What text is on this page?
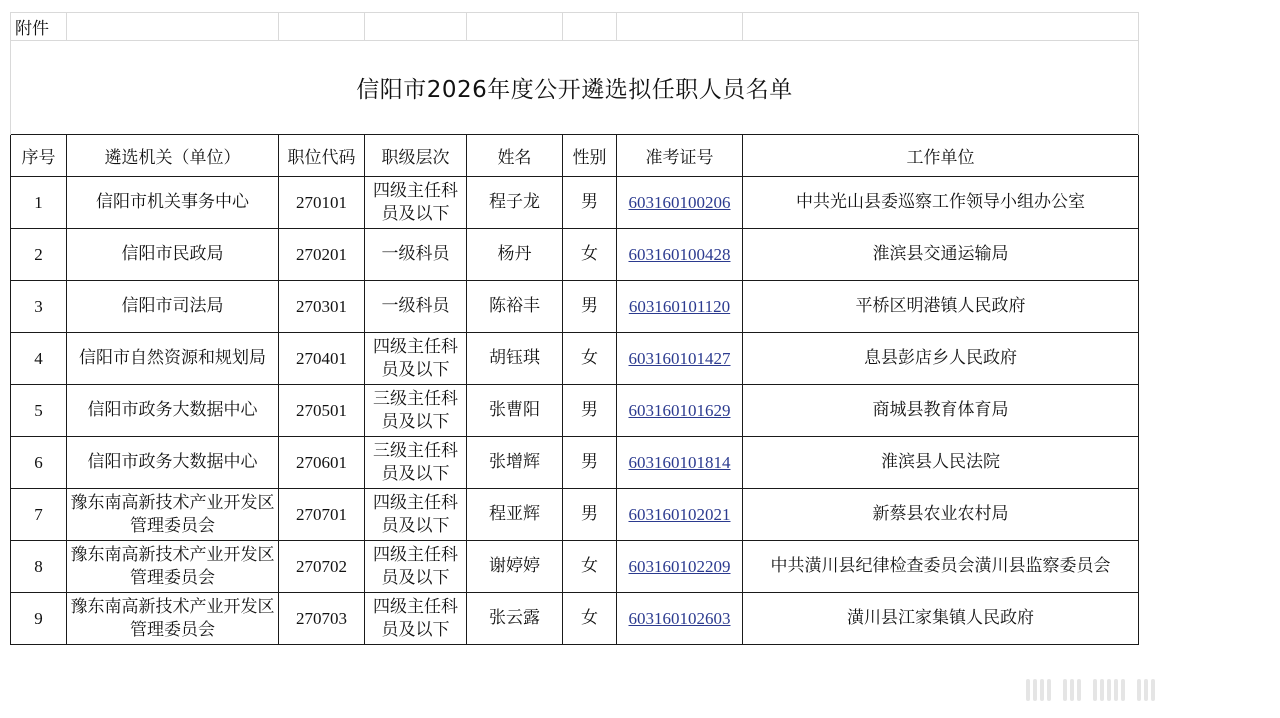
附件							
信阳市2026年度公开遴选拟任职人员名单							
序号	遴选机关（单位）	职位代码	职级层次	姓名	性别	准考证号	工作单位
1	信阳市机关事务中心	270101	四级主任科员及以下	程子龙	男	603160100206	中共光山县委巡察工作领导小组办公室
2	信阳市民政局	270201	一级科员	杨丹	女	603160100428	淮滨县交通运输局
3	信阳市司法局	270301	一级科员	陈裕丰	男	603160101120	平桥区明港镇人民政府
4	信阳市自然资源和规划局	270401	四级主任科员及以下	胡钰琪	女	603160101427	息县彭店乡人民政府
5	信阳市政务大数据中心	270501	三级主任科员及以下	张曹阳	男	603160101629	商城县教育体育局
6	信阳市政务大数据中心	270601	三级主任科员及以下	张增辉	男	603160101814	淮滨县人民法院
7	豫东南高新技术产业开发区管理委员会	270701	四级主任科员及以下	程亚辉	男	603160102021	新蔡县农业农村局
8	豫东南高新技术产业开发区管理委员会	270702	四级主任科员及以下	谢婷婷	女	603160102209	中共潢川县纪律检查委员会潢川县监察委员会
9	豫东南高新技术产业开发区管理委员会	270703	四级主任科员及以下	张云露	女	603160102603	潢川县江家集镇人民政府
